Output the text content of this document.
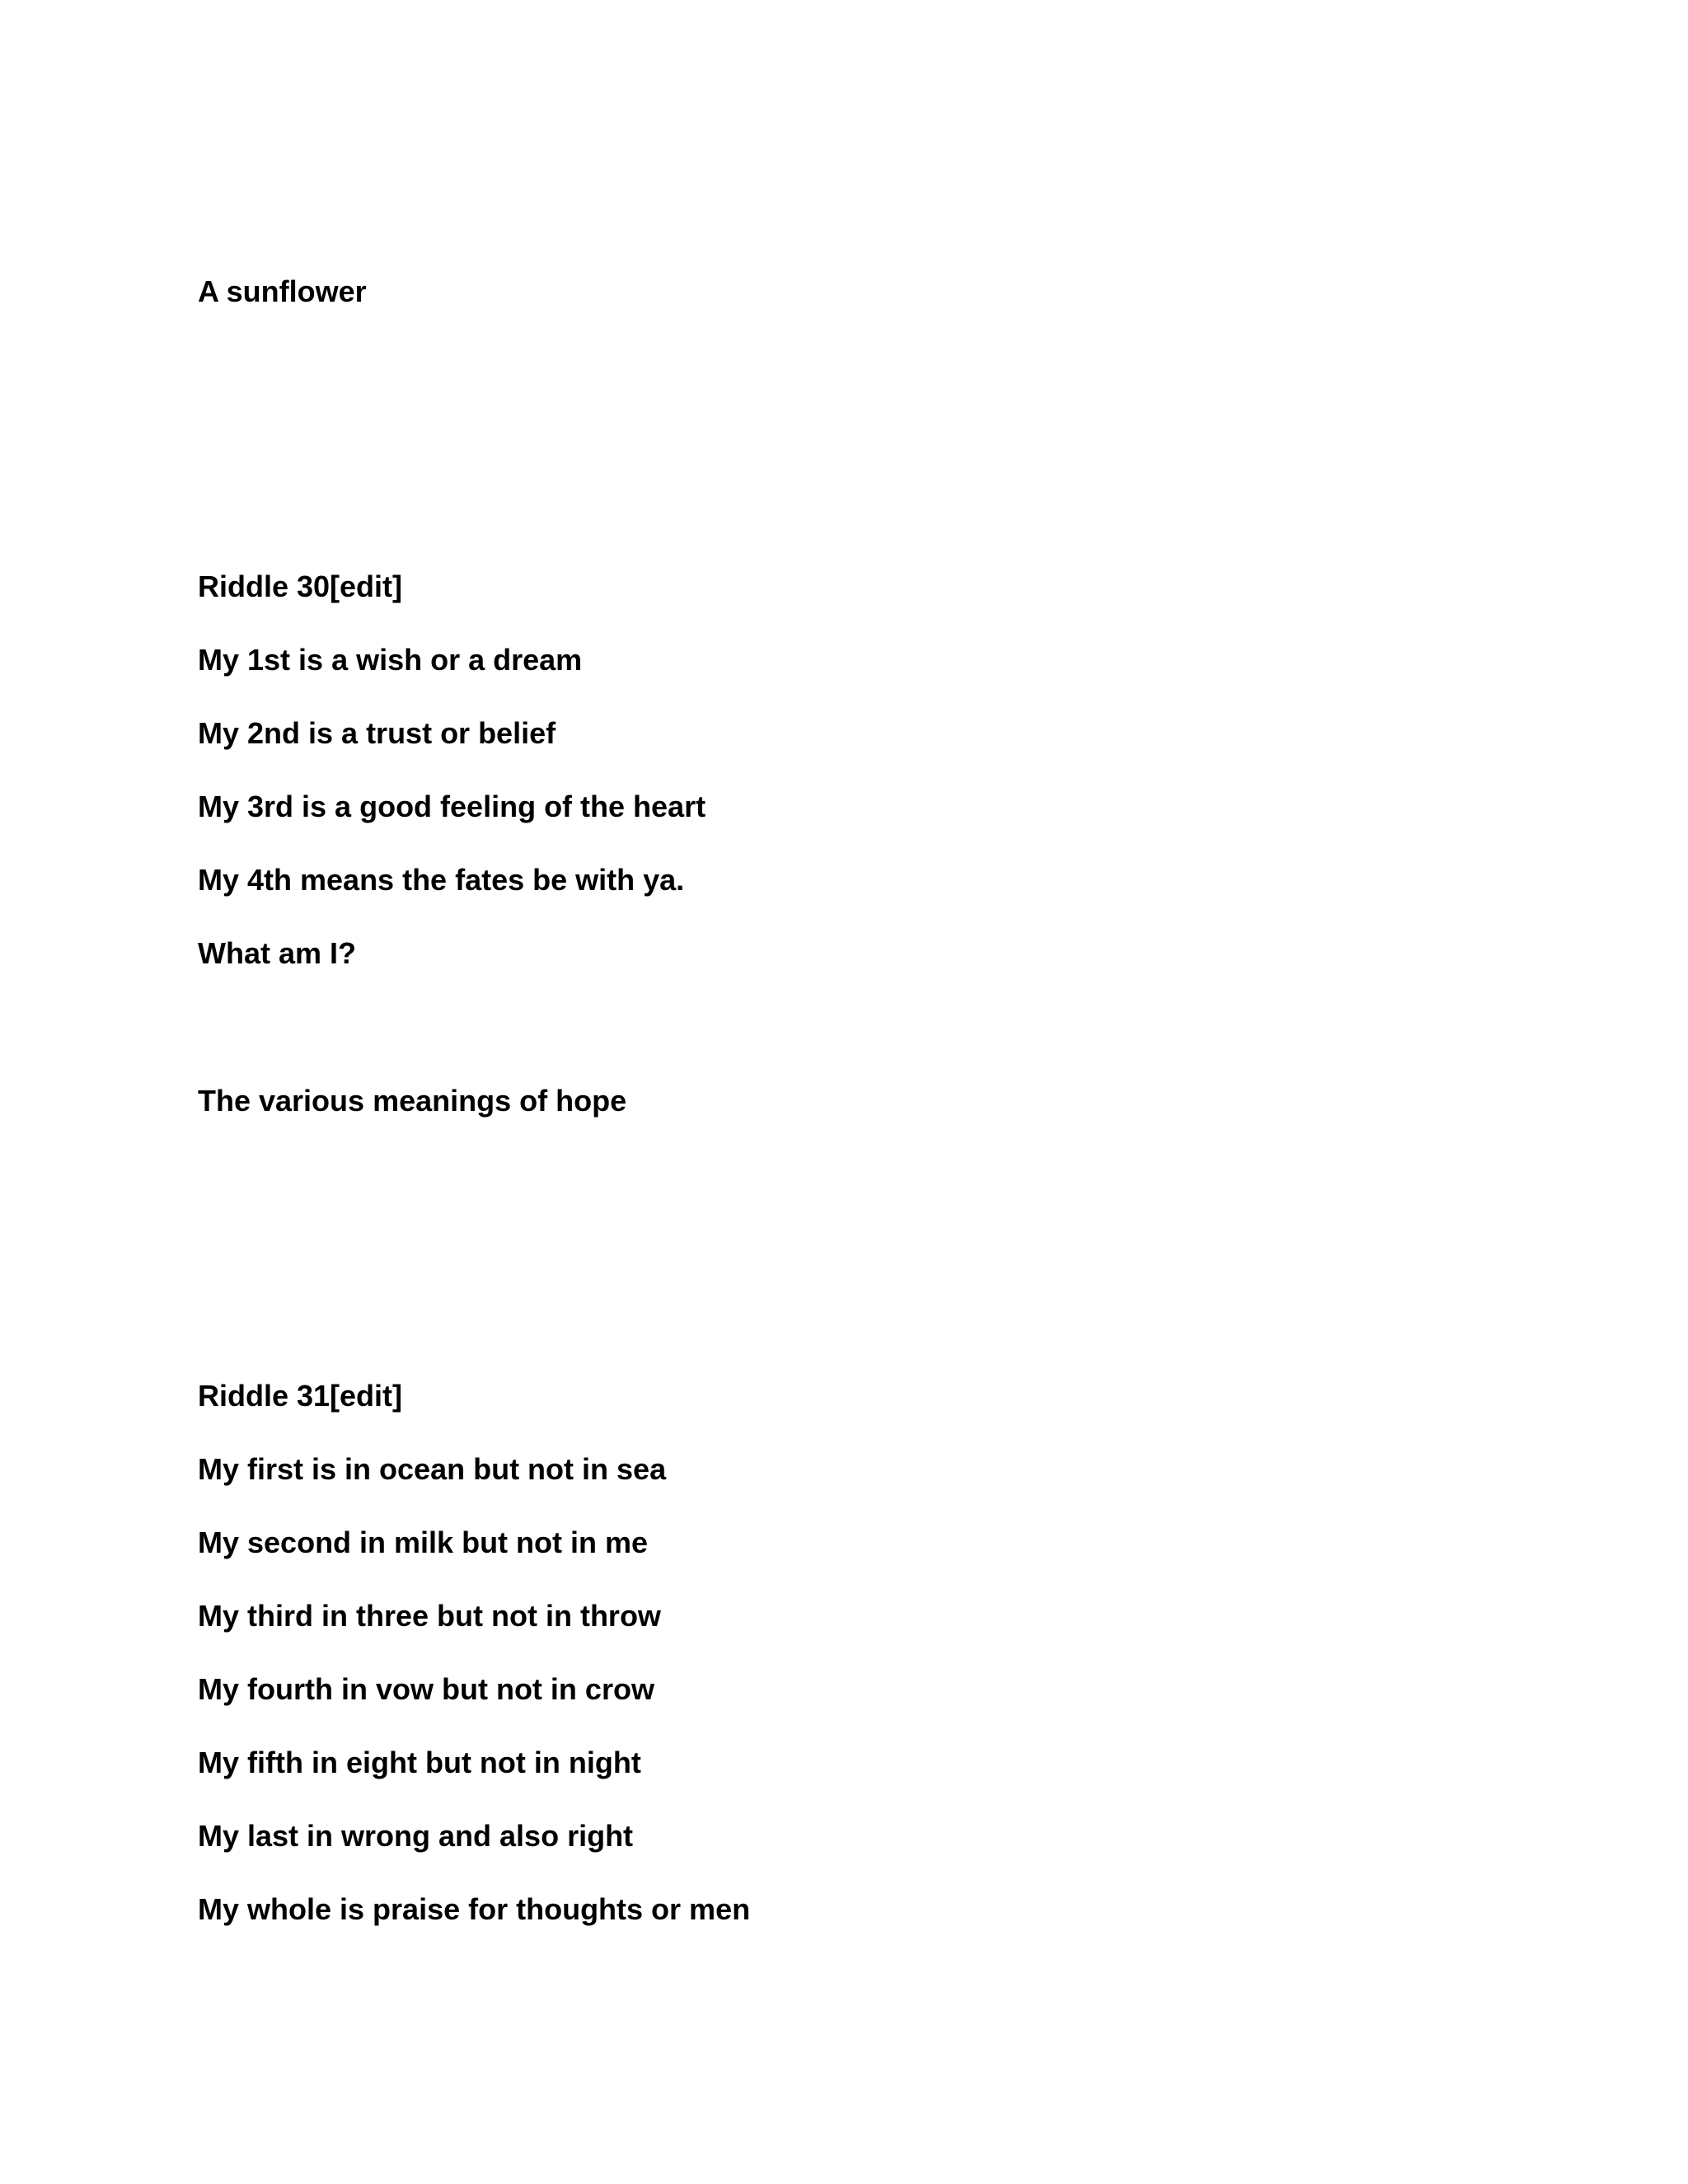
A sunflower
Riddle 30[edit]
My 1st is a wish or a dream
My 2nd is a trust or belief
My 3rd is a good feeling of the heart
My 4th means the fates be with ya.
What am I?
The various meanings of hope
Riddle 31[edit]
My first is in ocean but not in sea
My second in milk but not in me
My third in three but not in throw
My fourth in vow but not in crow
My fifth in eight but not in night
My last in wrong and also right
My whole is praise for thoughts or men
